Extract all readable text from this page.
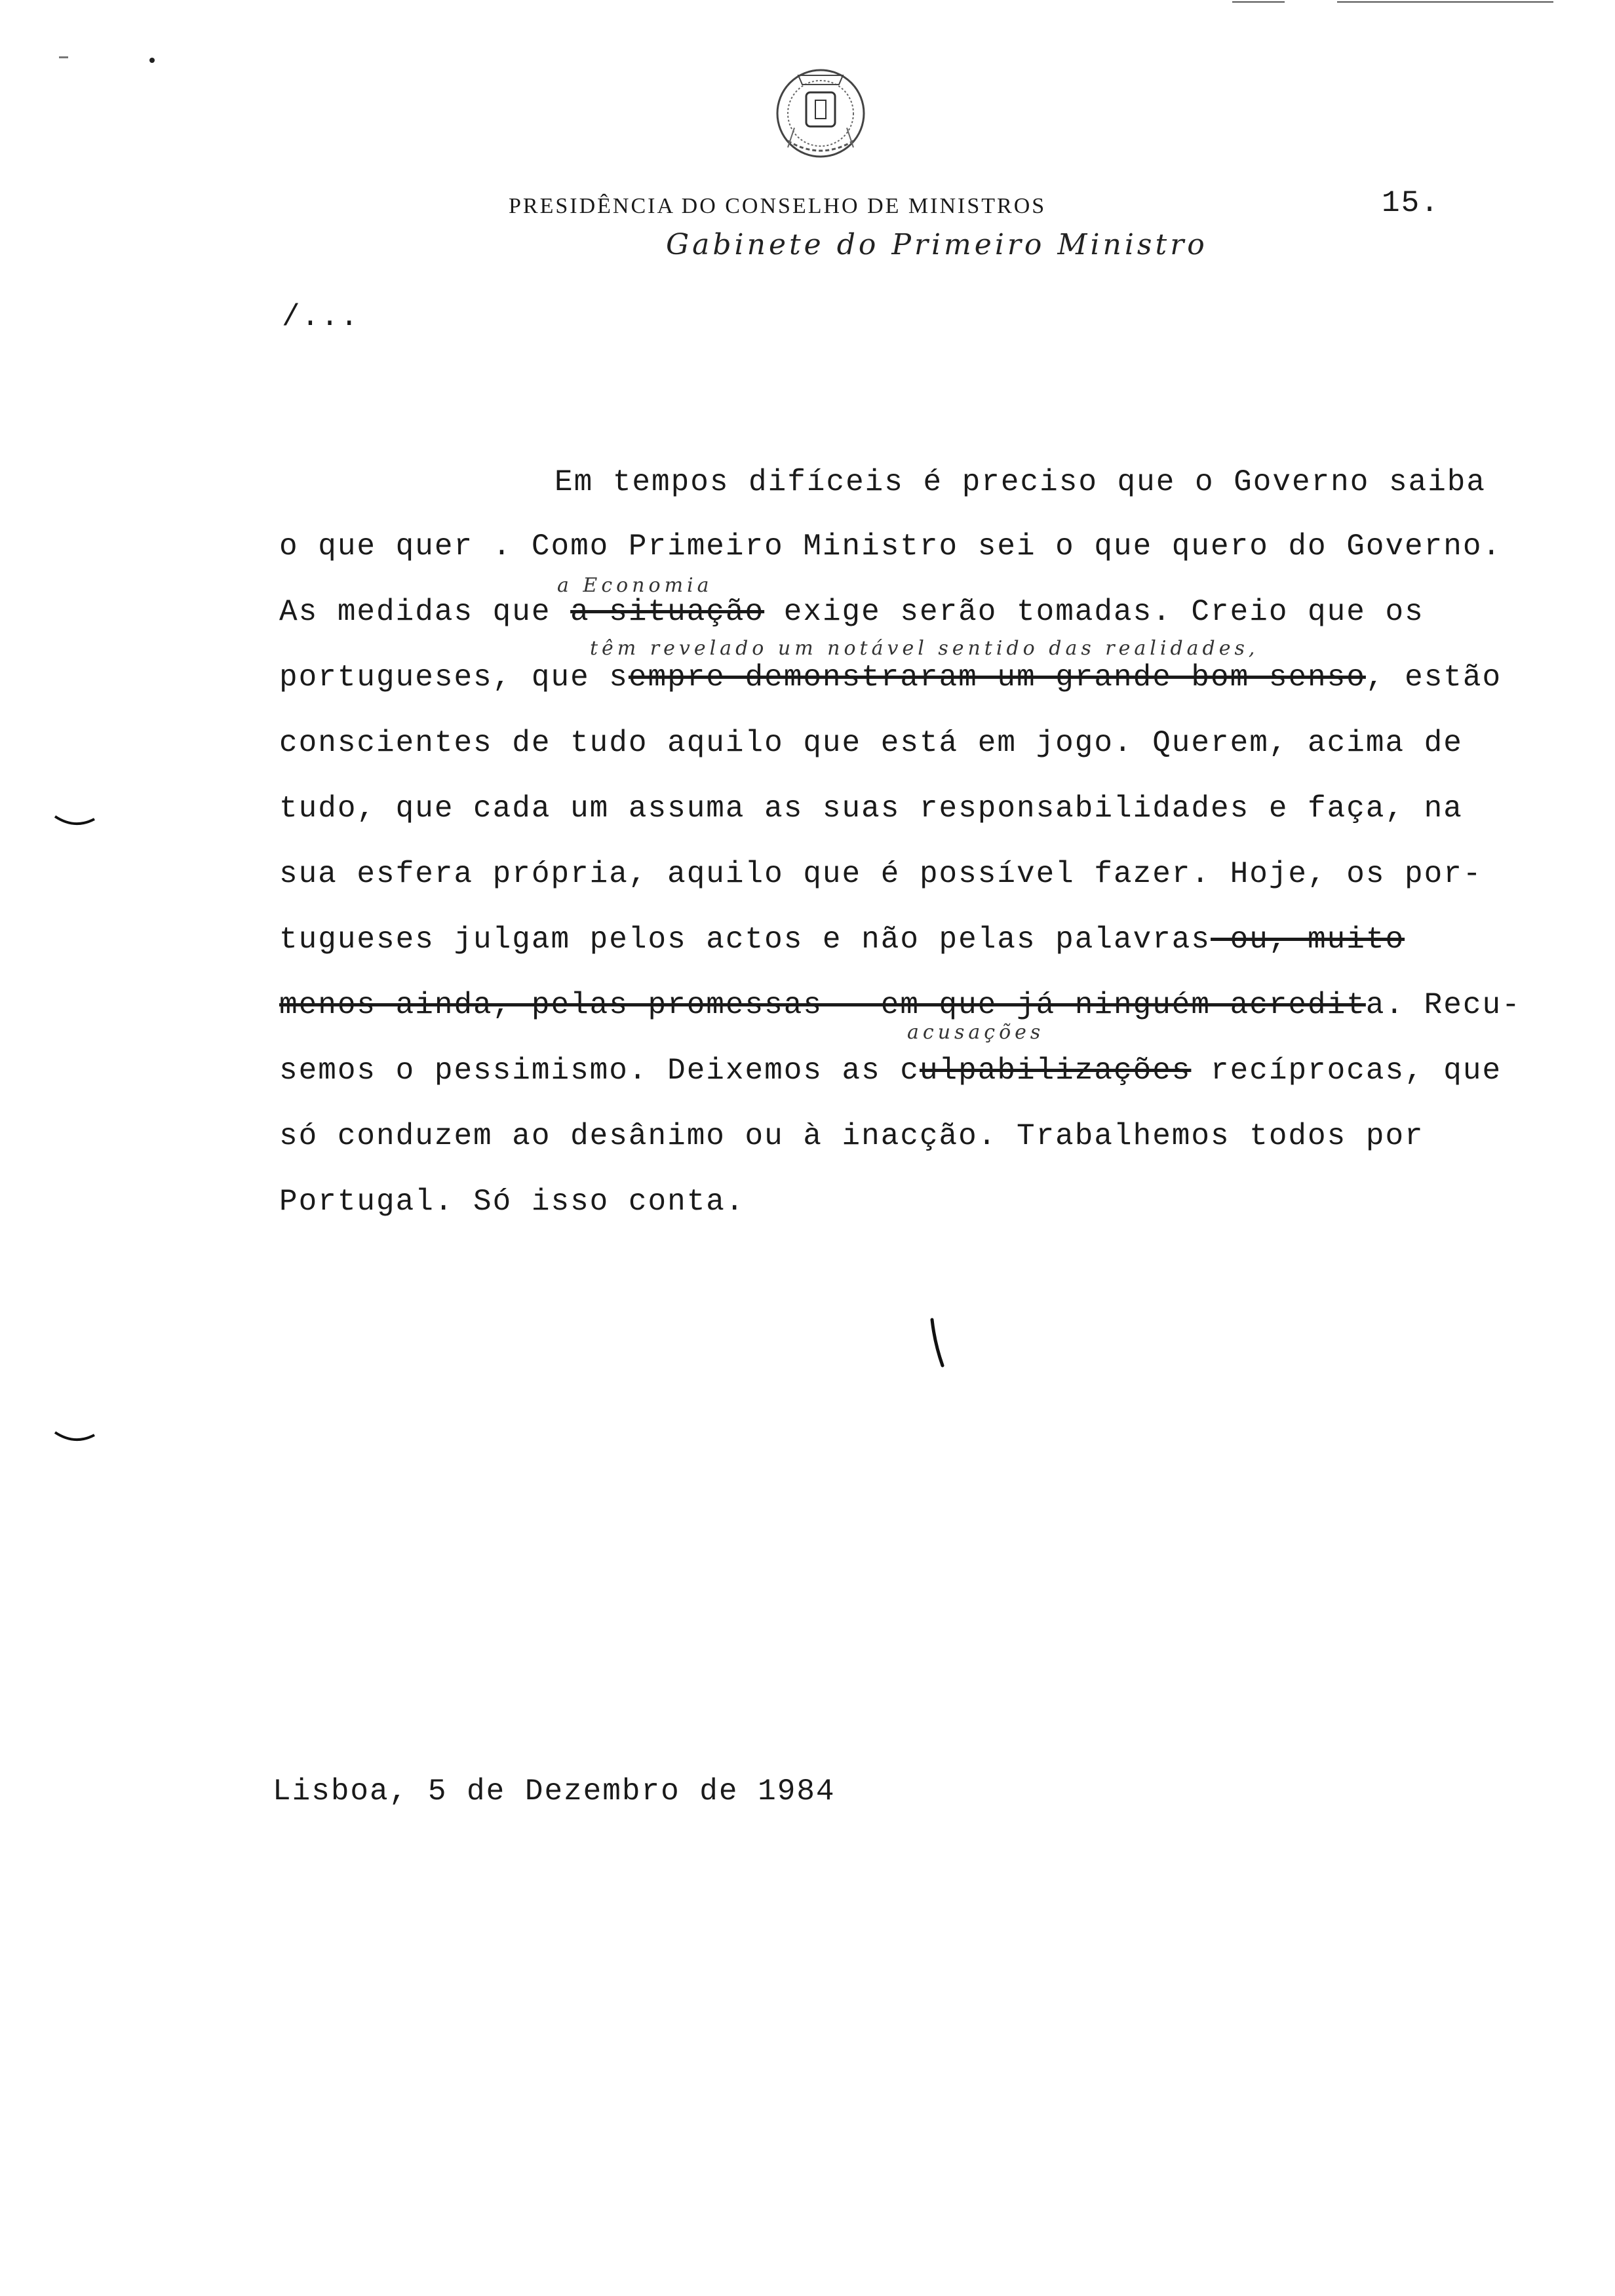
PRESIDÊNCIA DO CONSELHO DE MINISTROS	15.
Gabinete do Primeiro Ministro
/...
Em tempos difíceis é preciso que o Governo saiba
o que quer . Como Primeiro Ministro sei o que quero do Governo.
a Economia
As medidas que a situação exige serão tomadas. Creio que os
têm revelado um notável sentido das realidades,
portugueses, que sempre demonstraram um grande bom senso, estão
conscientes de tudo aquilo que está em jogo. Querem, acima de
tudo, que cada um assuma as suas responsabilidades e faça, na
sua esfera própria, aquilo que é possível fazer. Hoje, os por-
tugueses julgam pelos actos e não pelas palavras ou, muito
menos ainda, pelas promessas - em que já ninguém acredita. Recu-
acusações
semos o pessimismo. Deixemos as culpabilizações recíprocas, que
só conduzem ao desânimo ou à inacção. Trabalhemos todos por
Portugal. Só isso conta.
Lisboa, 5 de Dezembro de 1984
